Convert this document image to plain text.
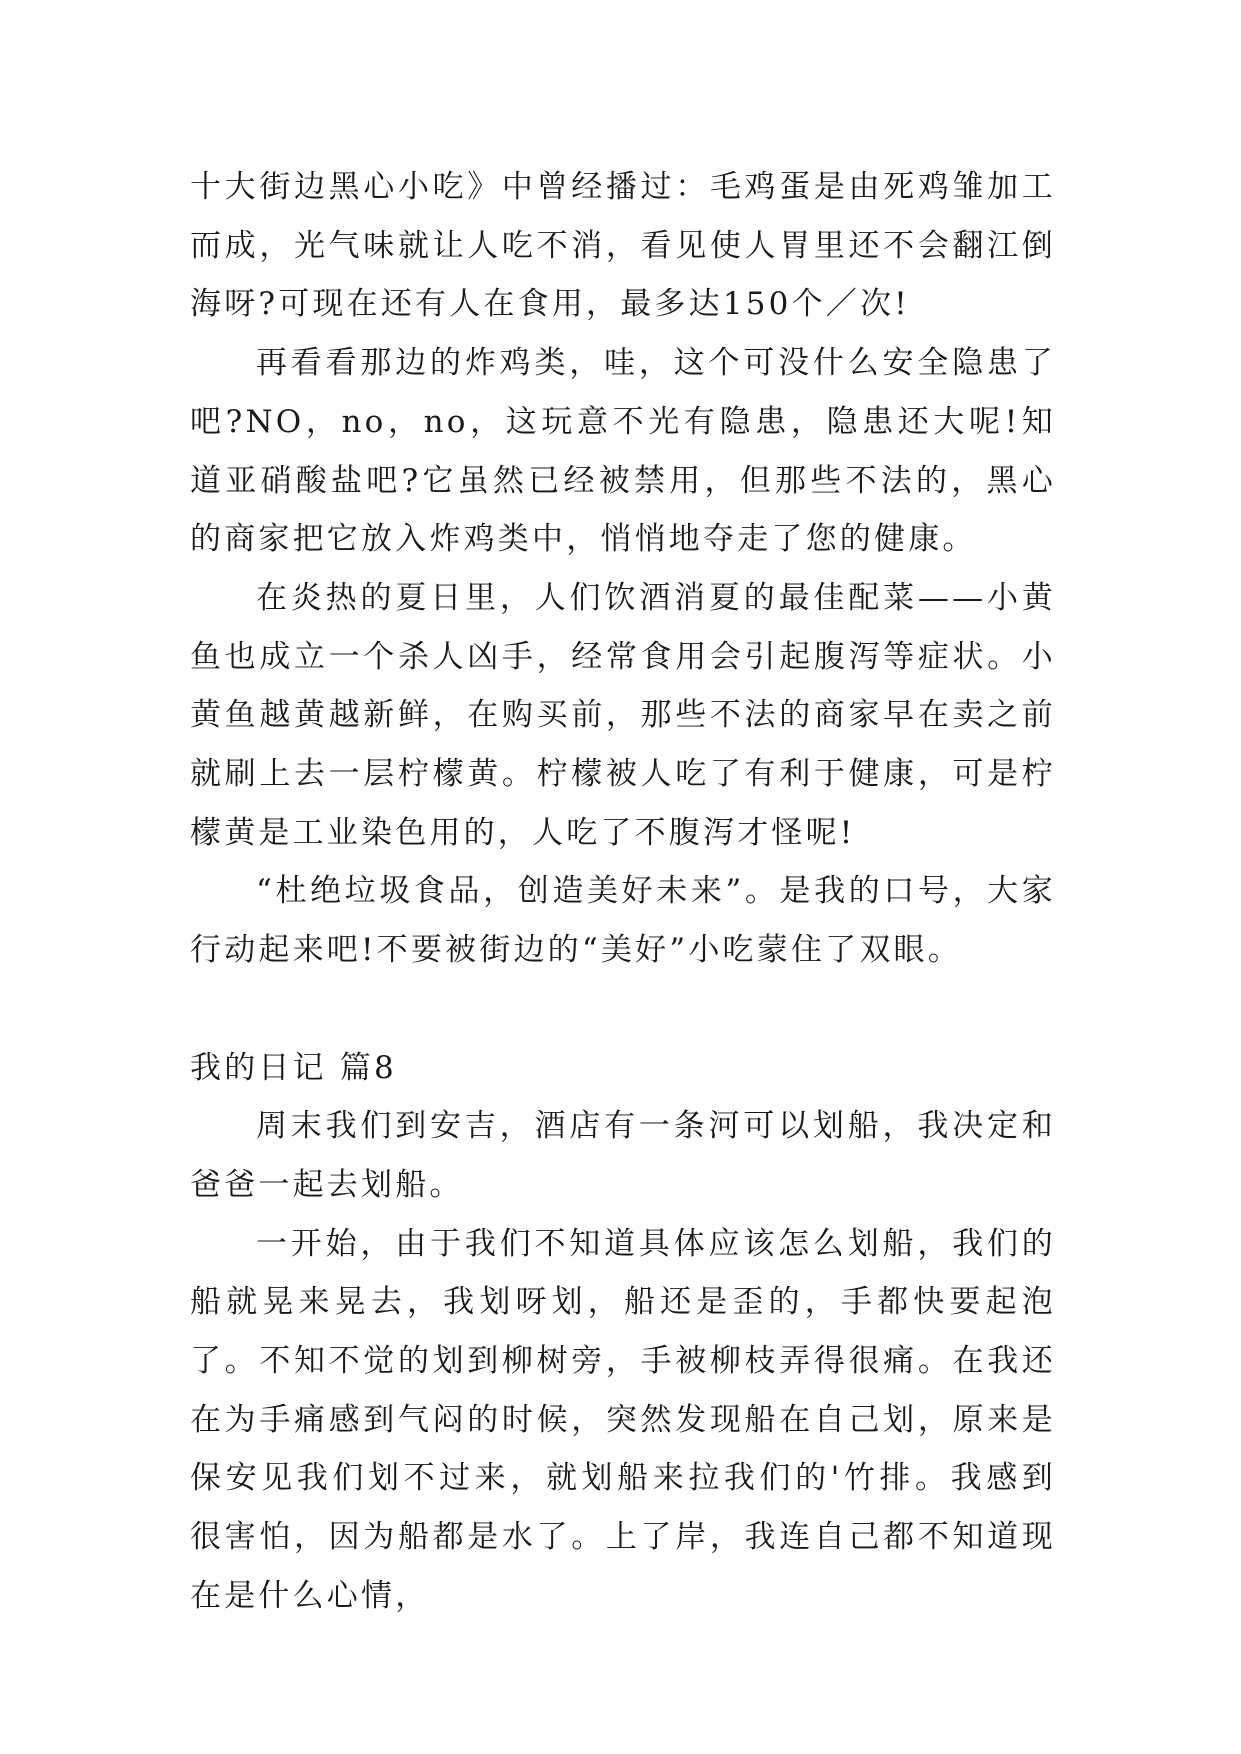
十大街边黑心小吃》中曾经播过：毛鸡蛋是由死鸡雏加工而成，光气味就让人吃不消，看见使人胃里还不会翻江倒海呀?可现在还有人在食用，最多达150个／次!

再看看那边的炸鸡类，哇，这个可没什么安全隐患了吧?NO，no，no，这玩意不光有隐患，隐患还大呢!知道亚硝酸盐吧?它虽然已经被禁用，但那些不法的，黑心的商家把它放入炸鸡类中，悄悄地夺走了您的健康。

在炎热的夏日里，人们饮酒消夏的最佳配菜——小黄鱼也成立一个杀人凶手，经常食用会引起腹泻等症状。小黄鱼越黄越新鲜，在购买前，那些不法的商家早在卖之前就刷上去一层柠檬黄。柠檬被人吃了有利于健康，可是柠檬黄是工业染色用的，人吃了不腹泻才怪呢!

“杜绝垃圾食品，创造美好未来”。是我的口号，大家行动起来吧!不要被街边的“美好”小吃蒙住了双眼。

我的日记 篇8

周末我们到安吉，酒店有一条河可以划船，我决定和爸爸一起去划船。

一开始，由于我们不知道具体应该怎么划船，我们的船就晃来晃去，我划呀划，船还是歪的，手都快要起泡了。不知不觉的划到柳树旁，手被柳枝弄得很痛。在我还在为手痛感到气闷的时候，突然发现船在自己划，原来是保安见我们划不过来，就划船来拉我们的'竹排。我感到很害怕，因为船都是水了。上了岸，我连自己都不知道现在是什么心情，
